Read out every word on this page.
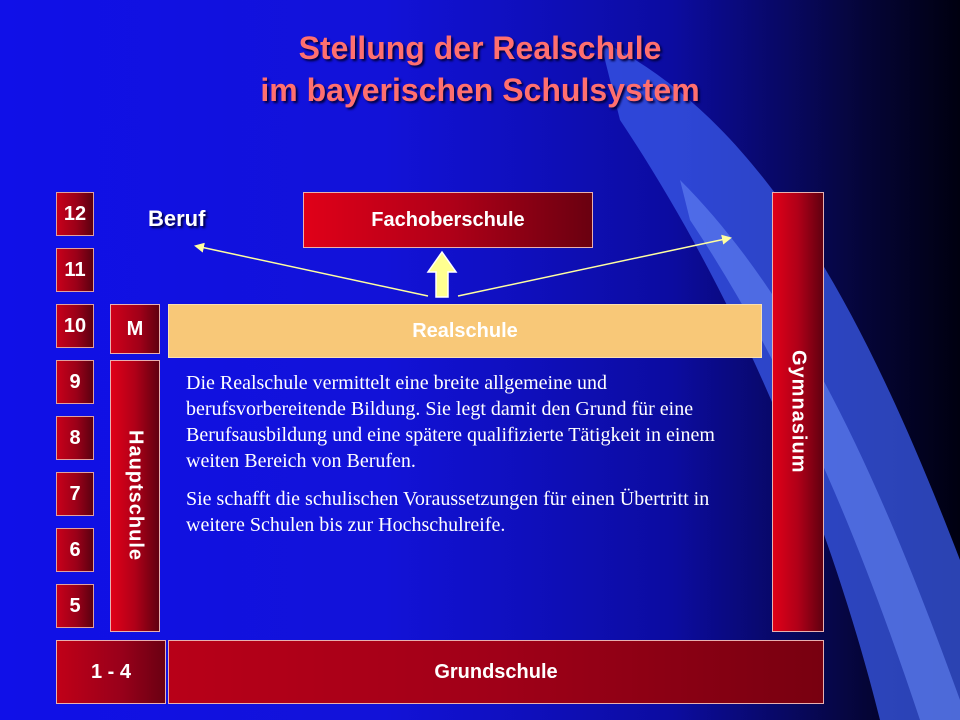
Stellung der Realschule
im bayerischen Schulsystem
12
11
10
9
8
7
6
5
1 - 4
Beruf	Fachoberschule
M	Realschule
Hauptschule
Gymnasium
Grundschule

Die Realschule vermittelt eine breite allgemeine und berufsvorbereitende Bildung. Sie legt damit den Grund für eine Berufsausbildung und eine spätere qualifizierte Tätigkeit in einem weiten Bereich von Berufen.

Sie schafft die schulischen Voraussetzungen für einen Übertritt in weitere Schulen bis zur Hochschulreife.
